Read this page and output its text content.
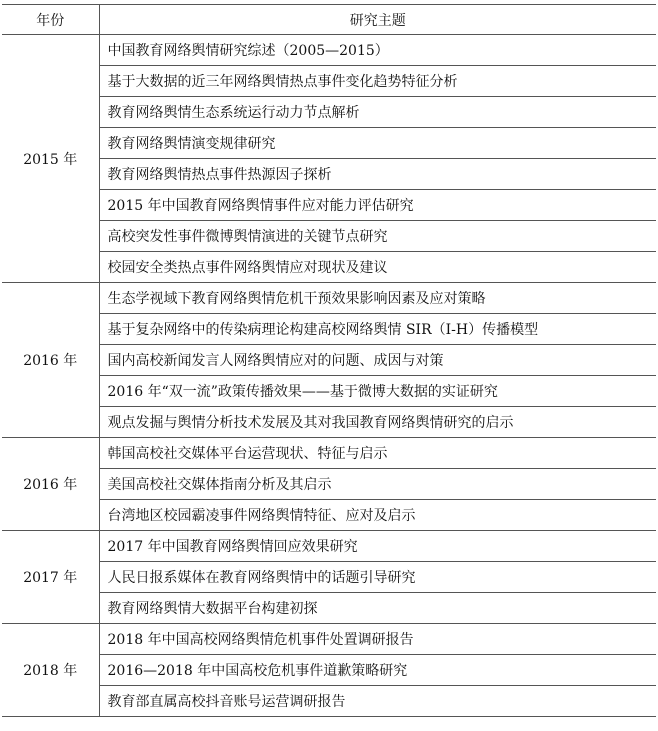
年份	研究主题
2015 年	中国教育网络舆情研究综述（2005—2015）
	基于大数据的近三年网络舆情热点事件变化趋势特征分析
	教育网络舆情生态系统运行动力节点解析
	教育网络舆情演变规律研究
	教育网络舆情热点事件热源因子探析
	2015 年中国教育网络舆情事件应对能力评估研究
	高校突发性事件微博舆情演进的关键节点研究
	校园安全类热点事件网络舆情应对现状及建议
2016 年	生态学视域下教育网络舆情危机干预效果影响因素及应对策略
	基于复杂网络中的传染病理论构建高校网络舆情 SIR（I-H）传播模型
	国内高校新闻发言人网络舆情应对的问题、成因与对策
	2016 年“双一流”政策传播效果——基于微博大数据的实证研究
	观点发掘与舆情分析技术发展及其对我国教育网络舆情研究的启示
2016 年	韩国高校社交媒体平台运营现状、特征与启示
	美国高校社交媒体指南分析及其启示
	台湾地区校园霸凌事件网络舆情特征、应对及启示
2017 年	2017 年中国教育网络舆情回应效果研究
	人民日报系媒体在教育网络舆情中的话题引导研究
	教育网络舆情大数据平台构建初探
2018 年	2018 年中国高校网络舆情危机事件处置调研报告
	2016—2018 年中国高校危机事件道歉策略研究
	教育部直属高校抖音账号运营调研报告
